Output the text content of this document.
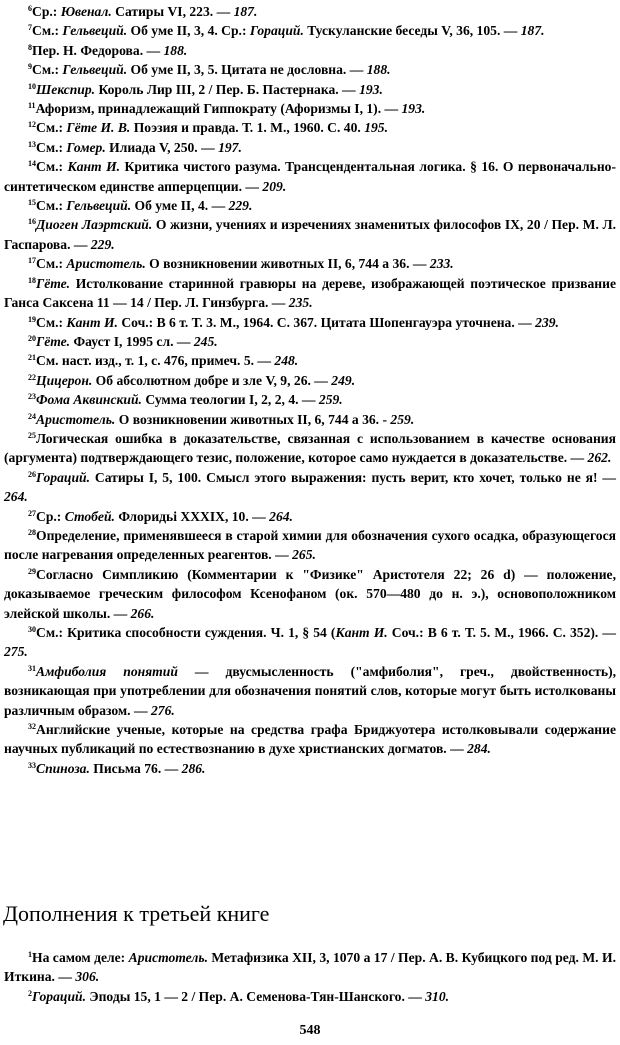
$^6$Ср.: Ювенал. Сатиры VI, 223. — 187.

$^7$См.: Гельвеций. Об уме II, 3, 4. Ср.: Гораций. Тускуланские беседы V, 36, 105. — 187.

$^8$Пер. Н. Федорова. — 188.

$^9$См.: Гельвеций. Об уме II, 3, 5. Цитата не дословна. — 188.

$^{10}$Шекспир. Король Лир III, 2 / Пер. Б. Пастернака. — 193.

$^{11}$Афоризм, принадлежащий Гиппократу (Афоризмы I, 1). — 193.

$^{12}$См.: Гёте И. В. Поэзия и правда. Т. 1. М., 1960. С. 40. 195.

$^{13}$См.: Гомер. Илиада V, 250. — 197.

$^{14}$См.: Кант И. Критика чистого разума. Трансцендентальная логика. § 16. О первоначально-синтетическом единстве апперцепции. — 209.

$^{15}$См.: Гельвеций. Об уме II, 4. — 229.

$^{16}$Диоген Лаэртский. О жизни, учениях и изречениях знаменитых философов IX, 20 / Пер. М. Л. Гаспарова. — 229.

$^{17}$См.: Аристотель. О возникновении животных II, 6, 744 а 36. — 233.

$^{18}$Гёте. Истолкование старинной гравюры на дереве, изображающей поэтическое призвание Ганса Саксена 11 — 14 / Пер. Л. Гинзбурга. — 235.

$^{19}$См.: Кант И. Соч.: В 6 т. Т. 3. М., 1964. С. 367. Цитата Шопенгауэра уточнена. — 239.

$^{20}$Гёте. Фауст I, 1995 сл. — 245.

$^{21}$См. наст. изд., т. 1, с. 476, примеч. 5. — 248.

$^{22}$Цицерон. Об абсолютном добре и зле V, 9, 26. — 249.

$^{23}$Фома Аквинский. Сумма теологии I, 2, 2, 4. — 259.

$^{24}$Аристотель. О возникновении животных II, 6, 744 а 36. - 259.

$^{25}$Логическая ошибка в доказательстве, связанная с использованием в качестве основания (аргумента) подтверждающего тезис, положение, которое само нуждается в доказательстве. — 262.

$^{26}$Гораций. Сатиры I, 5, 100. Смысл этого выражения: пусть верит, кто хочет, только не я! — 264.

$^{27}$Ср.: Стобей. Флоридьі XXXIX, 10. — 264.

$^{28}$Определение, применявшееся в старой химии для обозначения сухого осадка, образующегося после нагревания определенных реагентов. — 265.

$^{29}$Согласно Симпликию (Комментарии к "Физике" Аристотеля 22; 26 d) — положение, доказываемое греческим философом Ксенофаном (ок. 570—480 до н. э.), основоположником элейской школы. — 266.

$^{30}$См.: Критика способности суждения. Ч. 1, § 54 (Кант И. Соч.: В 6 т. Т. 5. М., 1966. С. 352). — 275.

$^{31}$Амфиболия понятий — двусмысленность ("амфиболия", греч., двойственность), возникающая при употреблении для обозначения понятий слов, которые могут быть истолкованы различным образом. — 276.

$^{32}$Английские ученые, которые на средства графа Бриджуотера истолковывали содержание научных публикаций по естествознанию в духе христианских догматов. — 284.

$^{33}$Спиноза. Письма 76. — 286.

Дополнения к третьей книге

$^1$На самом деле: Аристотель. Метафизика XII, 3, 1070 а 17 / Пер. А. В. Кубицкого под ред. М. И. Иткина. — 306.

$^2$Гораций. Эподы 15, 1 — 2 / Пер. А. Семенова-Тян-Шанского. — 310.

548
